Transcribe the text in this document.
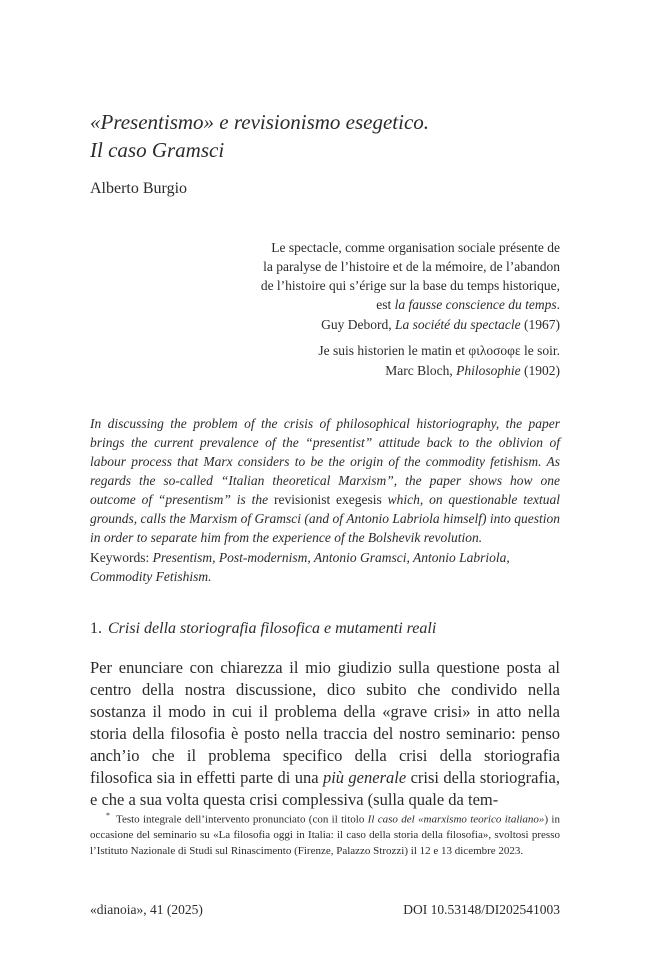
«Presentismo» e revisionismo esegetico.
Il caso Gramsci

Alberto Burgio

Le spectacle, comme organisation sociale présente de la paralyse de l’histoire et de la mémoire, de l’abandon de l’histoire qui s’érige sur la base du temps historique, est la fausse conscience du temps.

Guy Debord, La société du spectacle (1967)

Je suis historien le matin et φιλοσοφε le soir.

Marc Bloch, Philosophie (1902)

In discussing the problem of the crisis of philosophical historiography, the paper brings the current prevalence of the “presentist” attitude back to the oblivion of labour process that Marx considers to be the origin of the commodity fetishism. As regards the so-called “Italian theoretical Marxism”, the paper shows how one outcome of “presentism” is the revisionist exegesis which, on questionable textual grounds, calls the Marxism of Gramsci (and of Antonio Labriola himself) into question in order to separate him from the experience of the Bolshevik revolution.

Keywords: Presentism, Post-modernism, Antonio Gramsci, Antonio Labriola, Commodity Fetishism.

1. Crisi della storiografia filosofica e mutamenti reali

Per enunciare con chiarezza il mio giudizio sulla questione posta al centro della nostra discussione, dico subito che condivido nella sostanza il modo in cui il problema della «grave crisi» in atto nella storia della filosofia è posto nella traccia del nostro seminario: penso anch’io che il problema specifico della crisi della storiografia filosofica sia in effetti parte di una più generale crisi della storiografia, e che a sua volta questa crisi complessiva (sulla quale da tem-

* Testo integrale dell’intervento pronunciato (con il titolo Il caso del «marxismo teorico italiano») in occasione del seminario su «La filosofia oggi in Italia: il caso della storia della filosofia», svoltosi presso l’Istituto Nazionale di Studi sul Rinascimento (Firenze, Palazzo Strozzi) il 12 e 13 dicembre 2023.

«dianoia», 41 (2025)	DOI 10.53148/DI202541003
